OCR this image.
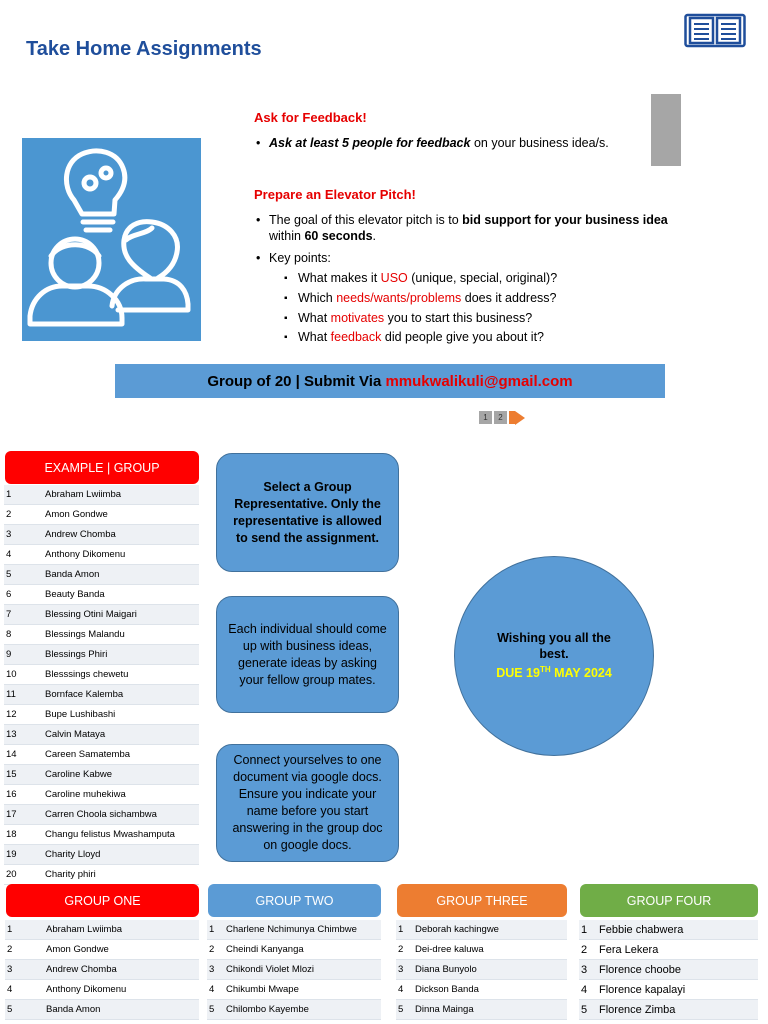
Take Home Assignments
Ask for Feedback!
• Ask at least 5 people for feedback on your business idea/s.
Prepare an Elevator Pitch!
• The goal of this elevator pitch is to bid support for your business idea
within 60 seconds.
• Key points:
▪ What makes it USO (unique, special, original)?
▪ Which needs/wants/problems does it address?
▪ What motivates you to start this business?
▪ What feedback did people give you about it?
Group of 20 | Submit Via mmukwalikuli@gmail.com
1	2
EXAMPLE | GROUP
1	Abraham Lwiimba
2	Amon Gondwe
3	Andrew Chomba
4	Anthony Dikomenu
5	Banda Amon
6	Beauty Banda
7	Blessing Otini Maigari
8	Blessings Malandu
9	Blessings Phiri
10	Blesssings chewetu
11	Bornface Kalemba
12	Bupe Lushibashi
13	Calvin Mataya
14	Careen Samatemba
15	Caroline Kabwe
16	Caroline muhekiwa
17	Carren Choola sichambwa
18	Changu felistus Mwashamputa
19	Charity Lloyd
20	Charity phiri
Select a Group Representative. Only the representative is allowed to send the assignment.
Each individual should come up with business ideas, generate ideas by asking your fellow group mates.
Connect yourselves to one document via google docs. Ensure you indicate your name before you start answering in the group doc on google docs.
Wishing you all the best.
DUE 19TH MAY 2024
GROUP ONE	GROUP TWO	GROUP THREE	GROUP FOUR
1	Abraham Lwiimba
2	Amon Gondwe
3	Andrew Chomba
4	Anthony Dikomenu
5	Banda Amon
1 Charlene Nchimunya Chimbwe
2 Cheindi Kanyanga
3 Chikondi Violet Mlozi
4 Chikumbi Mwape
5 Chilombo Kayembe
1 Deborah kachingwe
2 Dei-dree kaluwa
3 Diana Bunyolo
4 Dickson Banda
5 Dinna Mainga
1 Febbie chabwera
2 Fera Lekera
3 Florence choobe
4 Florence kapalayi
5 Florence Zimba
